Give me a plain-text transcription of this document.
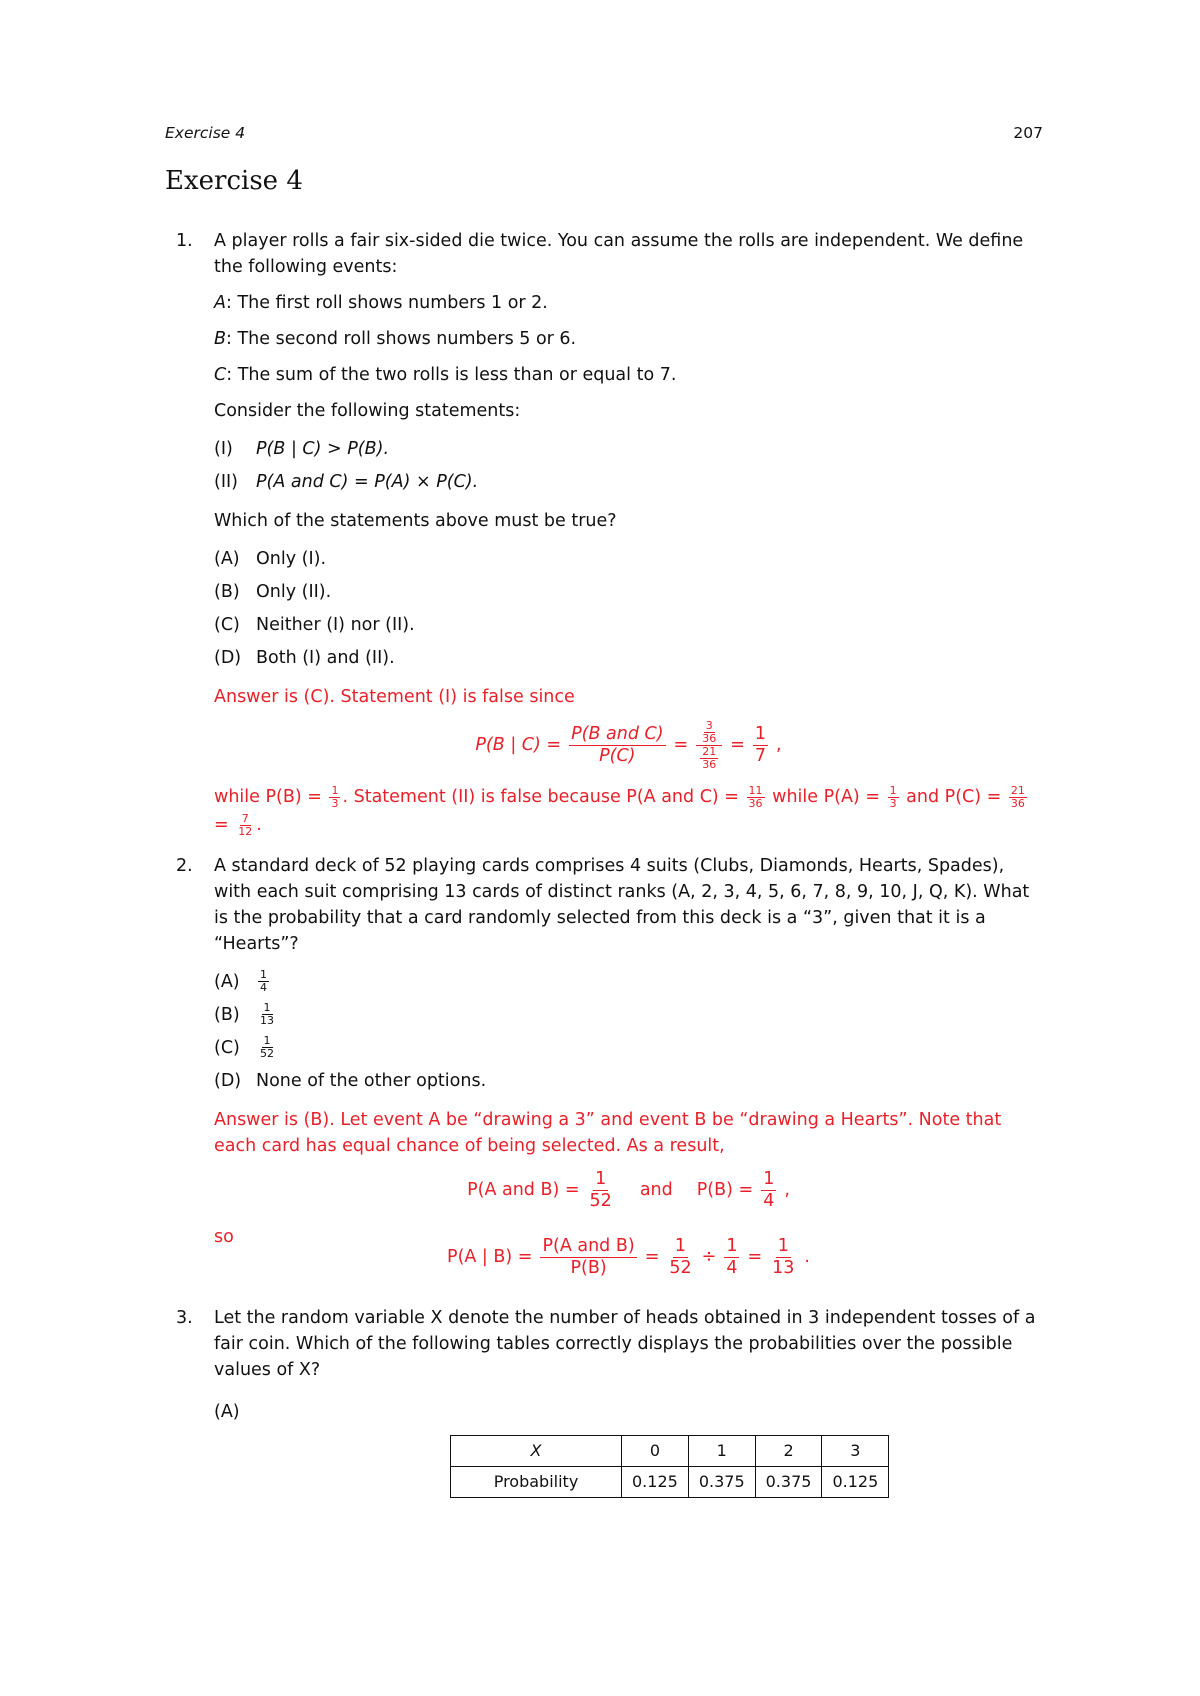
Exercise 4	207
Exercise 4
1. A player rolls a fair six-sided die twice. You can assume the rolls are independent. We define the following events:

A: The first roll shows numbers 1 or 2.

B: The second roll shows numbers 5 or 6.

C: The sum of the two rolls is less than or equal to 7.

Consider the following statements:

(I)	P(B | C) > P(B).
(II)	P(A and C) = P(A) × P(C).

Which of the statements above must be true?

(A) Only (I).
(B) Only (II).
(C) Neither (I) nor (II).
(D) Both (I) and (II).

Answer is (C). Statement (I) is false since

P(B | $C) = \frac{\text{P(B and C)}}{P(C)} = \frac{\frac{3}{36}}{\frac{21}{36}} = \frac{1}{7}$ ,

while $P(B) = \frac{1}{3}$ . Statement (II) is false because P(A and $C) = \frac{11}{36}$ while $P(A) = \frac{1}{3}$ and $P(C) = \frac{21}{36}$
= $\frac{7}{12}$ .

2. A standard deck of 52 playing cards comprises 4 suits (Clubs, Diamonds, Hearts, Spades), with each suit comprising 13 cards of distinct ranks (A, 2, 3, 4, 5, 6, 7, 8, 9, 10, J, Q, K). What is the probability that a card randomly selected from this deck is a “3”, given that it is a “Hearts”?

(A)	$\frac{1}{4}$
(B)	$\frac{1}{13}$
(C)	$\frac{1}{52}$
(D) None of the other options.

Answer is (B). Let event A be “drawing a 3” and event B be “drawing a Hearts”. Note that each card has equal chance of being selected. As a result,

P(A and $B) = \frac{1}{52}$ and $P(B) = \frac{1}{4}$ ,

so

P(A | $B) = \frac{\text{P(A and B)}}{P(B)} = \frac{1}{52} \div \frac{1}{4} = \frac{1}{13}$ .
3. Let the random variable X denote the number of heads obtained in 3 independent tosses of a fair coin. Which of the following tables correctly displays the probabilities over the possible values of X?

(A)

X	0	1	2	3
Probability	0.125	0.375	0.375	0.125
